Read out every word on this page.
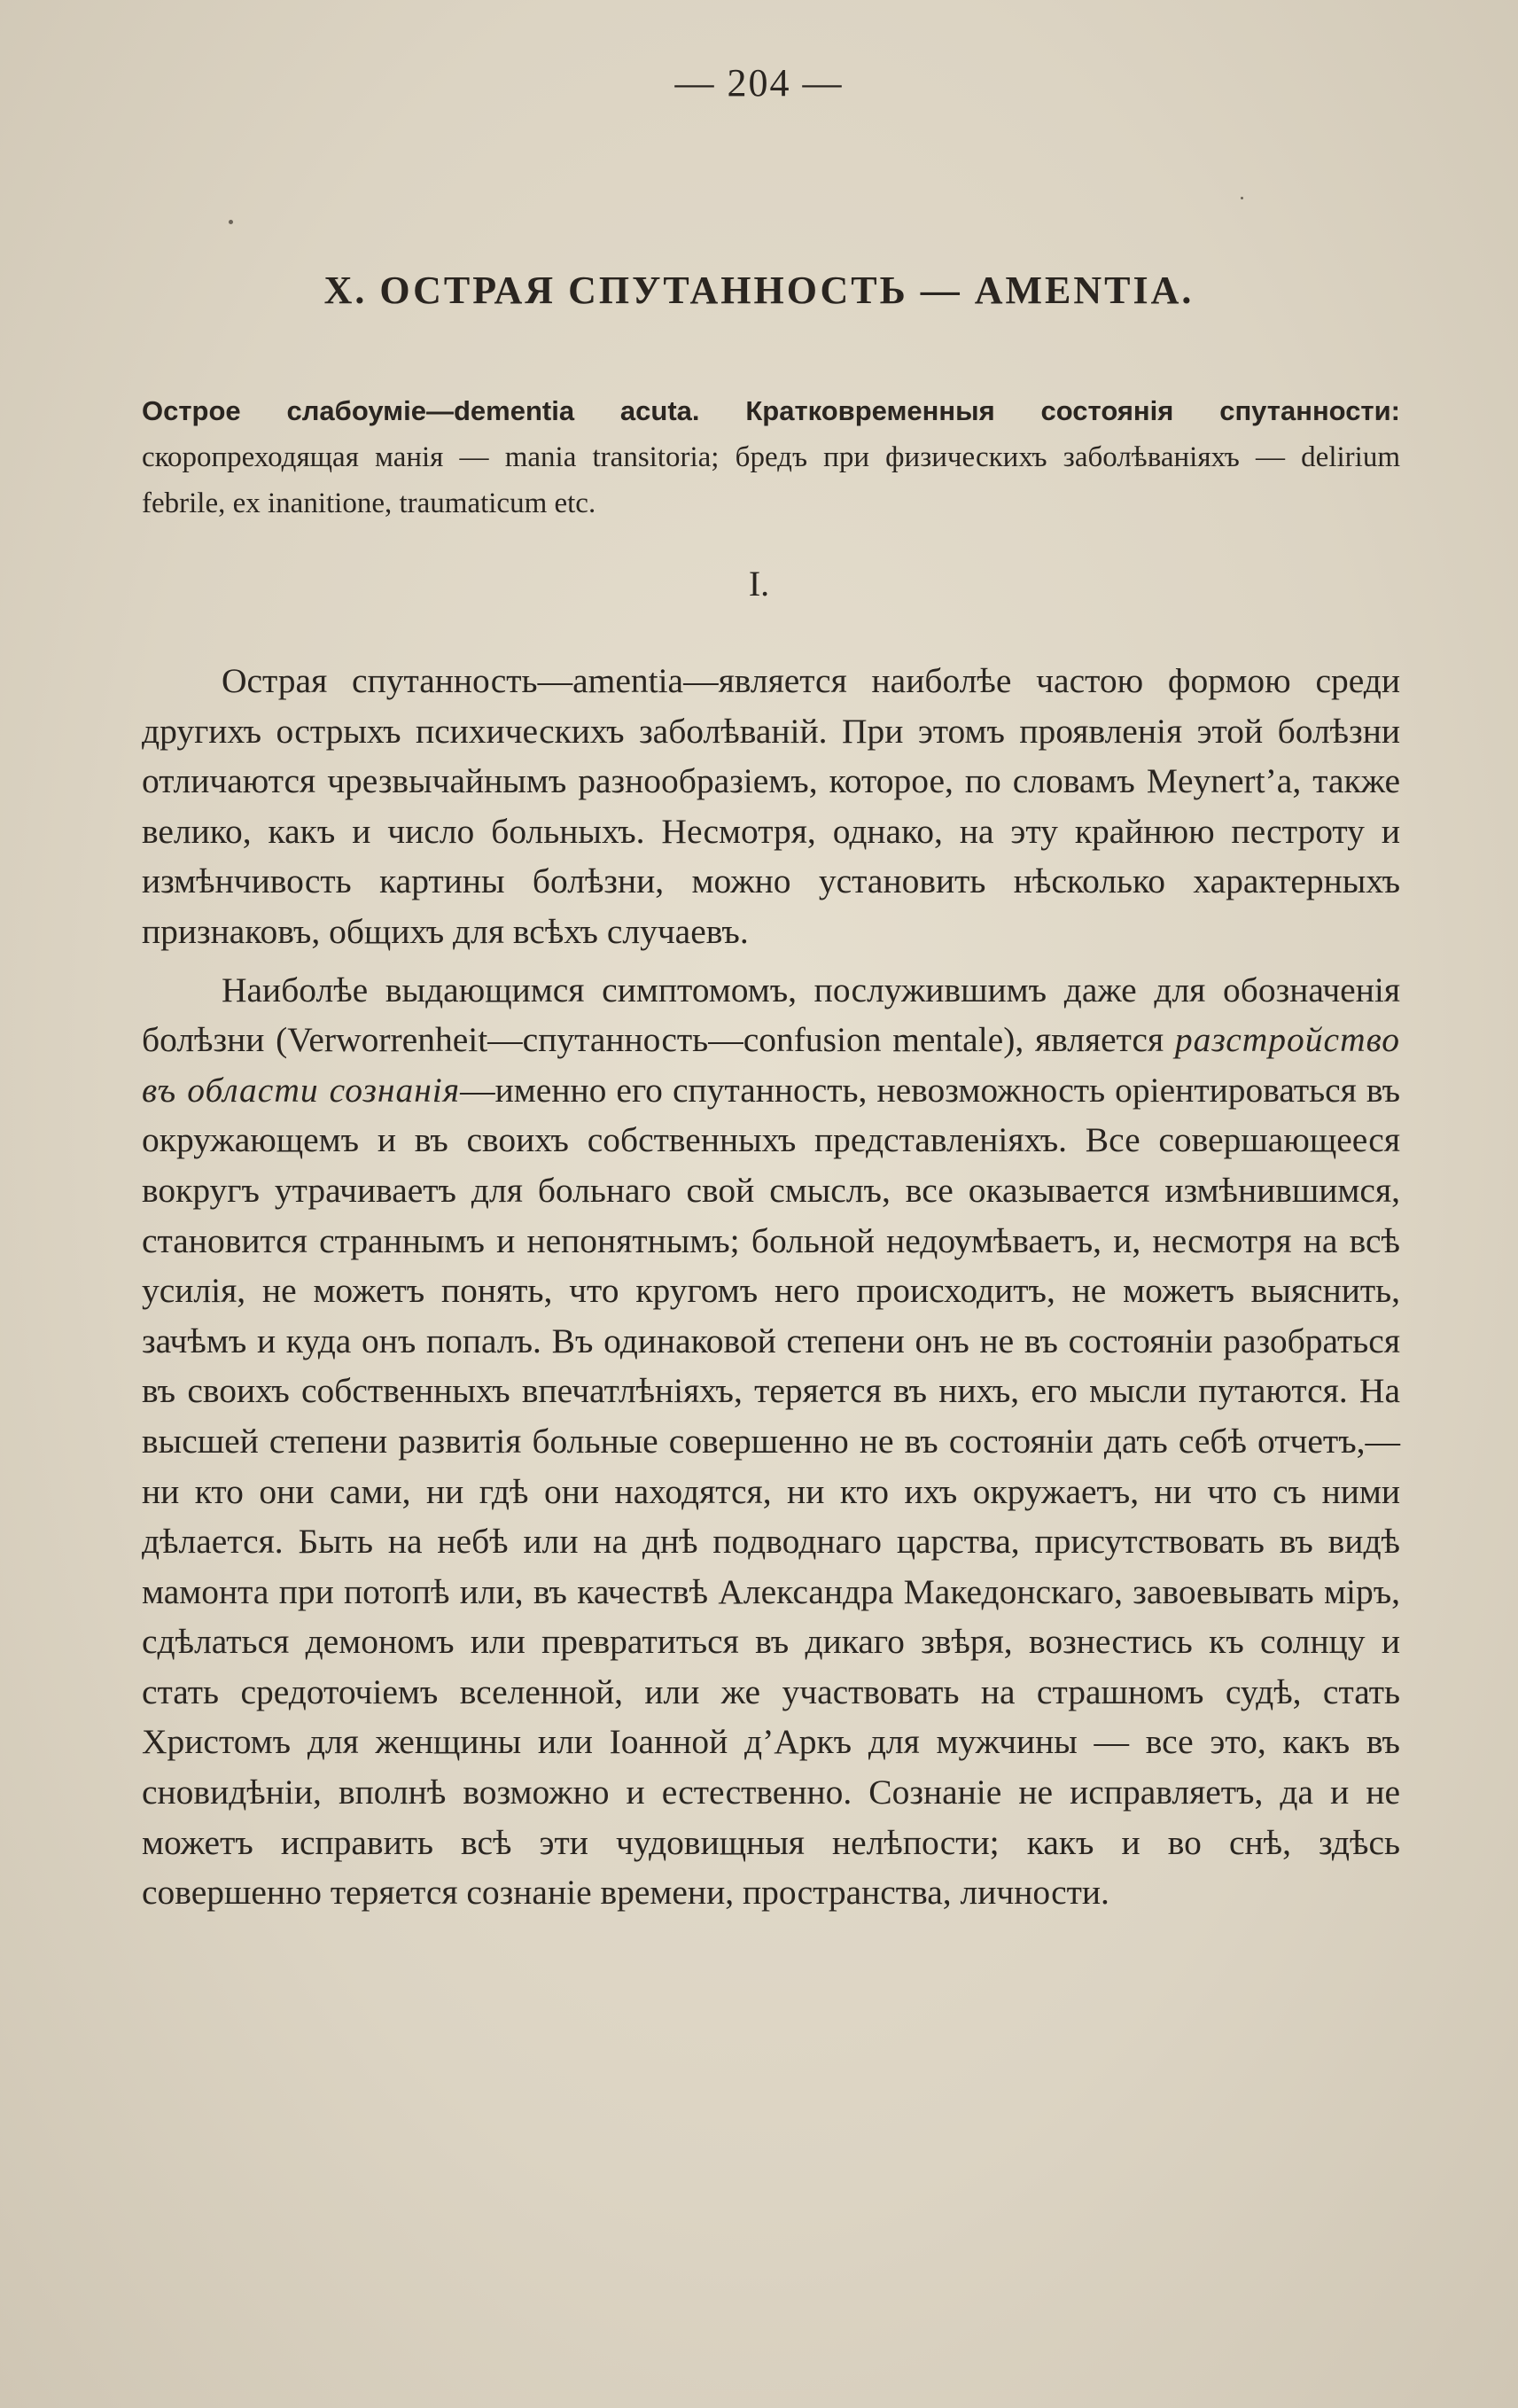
— 204 —
X. ОСТРАЯ СПУТАННОСТЬ — AMENTIA.
Острое слабоуміе—dementia acuta. Кратковременныя состоянія спутанности: скоропреходящая манія — mania transitoria; бредъ при физическихъ заболѣваніяхъ — delirium febrile, ex inanitione, traumaticum etc.
I.

Острая спутанность—amentia—является наиболѣе частою формою среди другихъ острыхъ психическихъ заболѣваній. При этомъ проявленія этой болѣзни отличаются чрезвычайнымъ разнообразіемъ, которое, по словамъ Meynert’a, также велико, какъ и число больныхъ. Несмотря, однако, на эту крайнюю пестроту и измѣнчивость картины болѣзни, можно установить нѣсколько характерныхъ признаковъ, общихъ для всѣхъ случаевъ.

Наиболѣе выдающимся симптомомъ, послужившимъ даже для обозначенія болѣзни (Verworrenheit—спутанность—confusion mentale), является разстройство въ области сознанія—именно его спутанность, невозможность оріентироваться въ окружающемъ и въ своихъ собственныхъ представленіяхъ. Все совершающееся вокругъ утрачиваетъ для больнаго свой смыслъ, все оказывается измѣнившимся, становится страннымъ и непонятнымъ; больной недоумѣваетъ, и, несмотря на всѣ усилія, не можетъ понять, что кругомъ него происходитъ, не можетъ выяснить, зачѣмъ и куда онъ попалъ. Въ одинаковой степени онъ не въ состояніи разобраться въ своихъ собственныхъ впечатлѣніяхъ, теряется въ нихъ, его мысли путаются. На высшей степени развитія больные совершенно не въ состояніи дать себѣ отчетъ,—ни кто они сами, ни гдѣ они находятся, ни кто ихъ окружаетъ, ни что съ ними дѣлается. Быть на небѣ или на днѣ подводнаго царства, присутствовать въ видѣ мамонта при потопѣ или, въ качествѣ Александра Македонскаго, завоевывать міръ, сдѣлаться демономъ или превратиться въ дикаго звѣря, вознестись къ солнцу и стать средоточіемъ вселенной, или же участвовать на страшномъ судѣ, стать Христомъ для женщины или Іоанной д’Аркъ для мужчины — все это, какъ въ сновидѣніи, вполнѣ возможно и естественно. Сознаніе не исправляетъ, да и не можетъ исправить всѣ эти чудовищныя нелѣпости; какъ и во снѣ, здѣсь совершенно теряется сознаніе времени, пространства, личности.
